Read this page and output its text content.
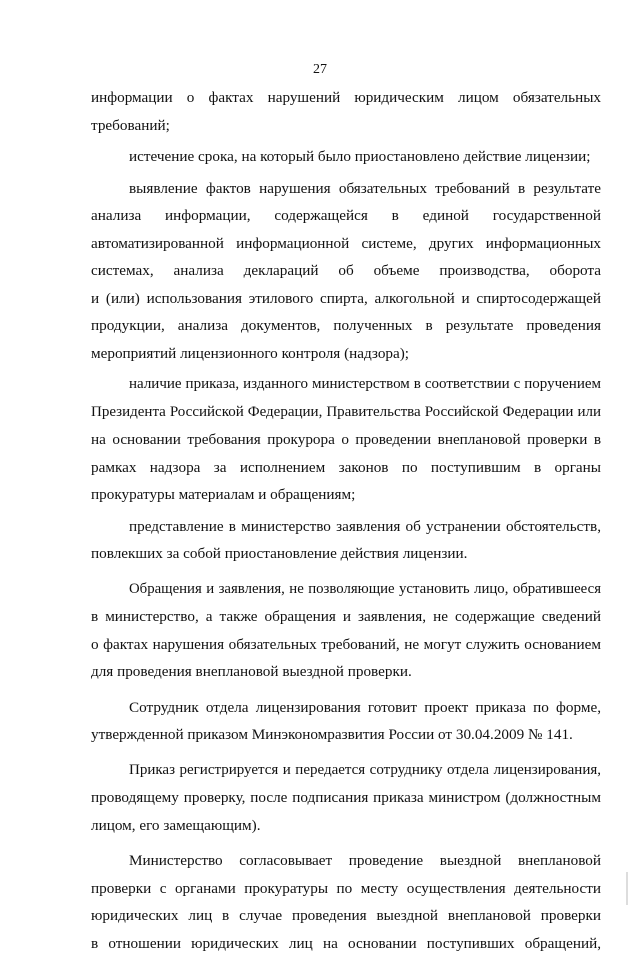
27
информации о фактах нарушений юридическим лицом обязательных
требований;
истечение срока, на который было приостановлено действие лицензии;
выявление фактов нарушения обязательных требований в результате
анализа информации, содержащейся в единой государственной
автоматизированной информационной системе, других информационных
системах, анализа деклараций об объеме производства, оборота
и (или) использования этилового спирта, алкогольной и спиртосодержащей
продукции, анализа документов, полученных в результате проведения
мероприятий лицензионного контроля (надзора);
наличие приказа, изданного министерством в соответствии с поручением
Президента Российской Федерации, Правительства Российской Федерации или
на основании требования прокурора о проведении внеплановой проверки в
рамках надзора за исполнением законов по поступившим в органы
прокуратуры материалам и обращениям;
представление в министерство заявления об устранении обстоятельств,
повлекших за собой приостановление действия лицензии.
Обращения и заявления, не позволяющие установить лицо, обратившееся
в министерство, а также обращения и заявления, не содержащие сведений
о фактах нарушения обязательных требований, не могут служить основанием
для проведения внеплановой выездной проверки.
Сотрудник отдела лицензирования готовит проект приказа по форме,
утвержденной приказом Минэкономразвития России от 30.04.2009 № 141.
Приказ регистрируется и передается сотруднику отдела лицензирования,
проводящему проверку, после подписания приказа министром (должностным
лицом, его замещающим).
Министерство согласовывает проведение выездной внеплановой
проверки с органами прокуратуры по месту осуществления деятельности
юридических лиц в случае проведения выездной внеплановой проверки
в отношении юридических лиц на основании поступивших обращений,
